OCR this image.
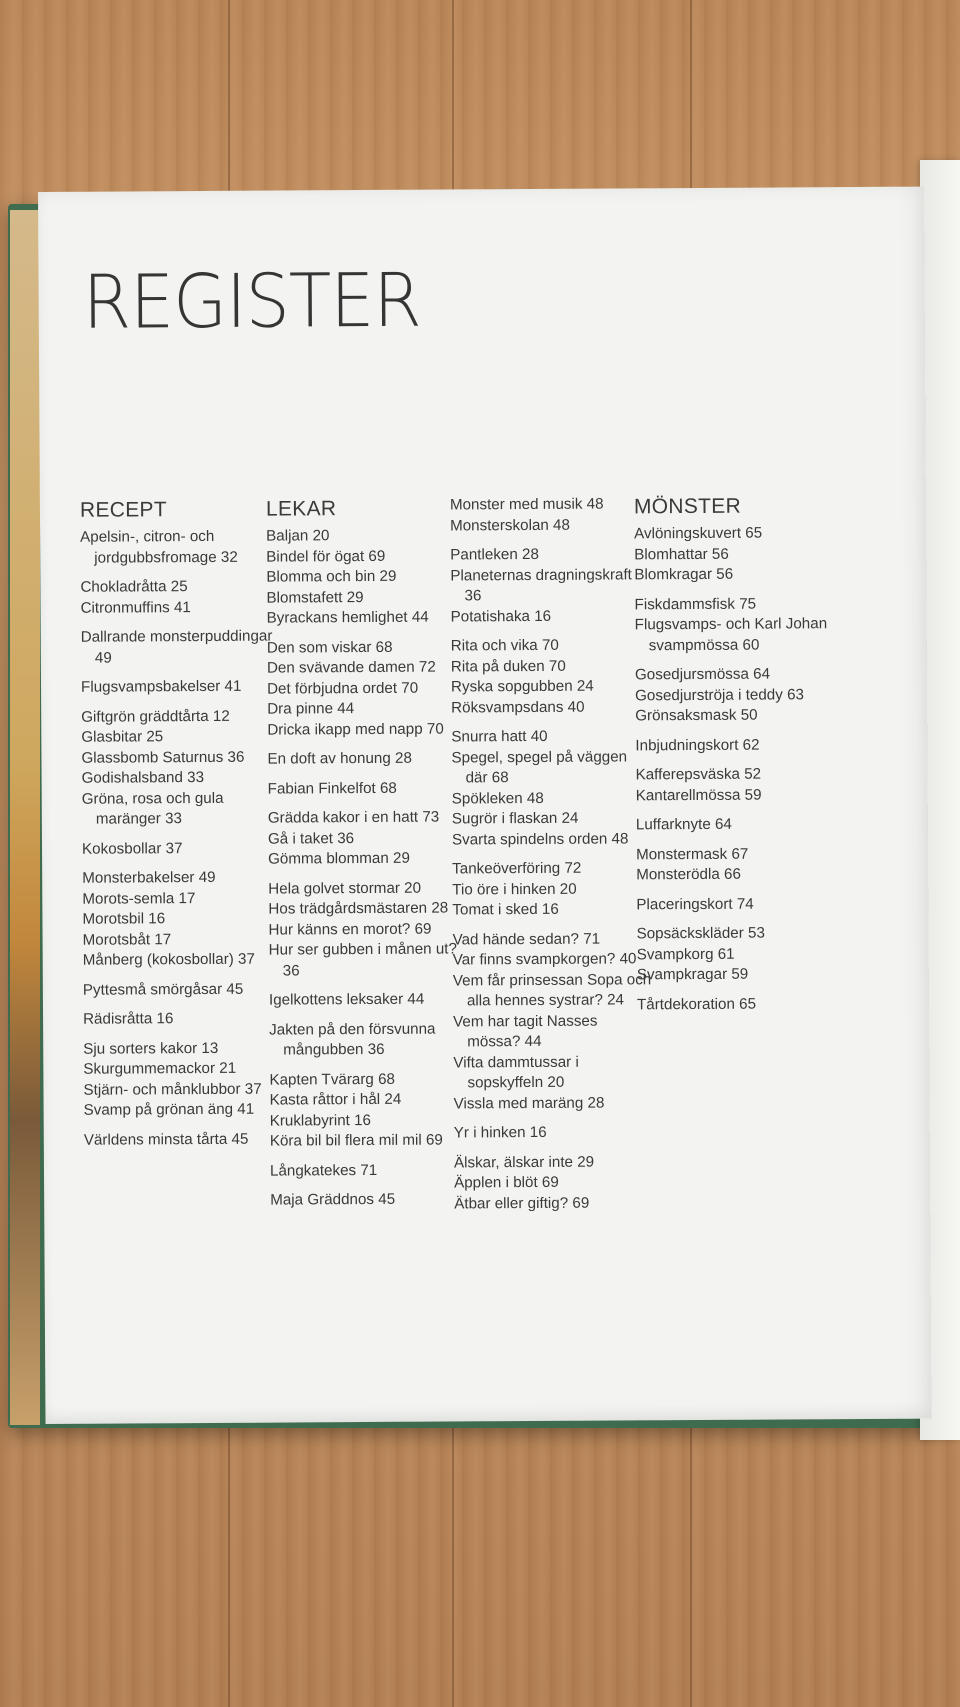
REGISTER
RECEPT
Apelsin-, citron- och jordgubbsfromage 32
Chokladråtta 25
Citronmuffins 41
Dallrande monsterpuddingar 49
Flugsvampsbakelser 41
Giftgrön gräddtårta 12
Glasbitar 25
Glassbomb Saturnus 36
Godishalsband 33
Gröna, rosa och gula maränger 33
Kokosbollar 37
Monsterbakelser 49
Morots-semla 17
Morotsbil 16
Morotsbåt 17
Månberg (kokosbollar) 37
Pyttesmå smörgåsar 45
Rädisråtta 16
Sju sorters kakor 13
Skurgummemackor 21
Stjärn- och månklubbor 37
Svamp på grönan äng 41
Världens minsta tårta 45
LEKAR
Baljan 20
Bindel för ögat 69
Blomma och bin 29
Blomstafett 29
Byrackans hemlighet 44
Den som viskar 68
Den svävande damen 72
Det förbjudna ordet 70
Dra pinne 44
Dricka ikapp med napp 70
En doft av honung 28
Fabian Finkelfot 68
Grädda kakor i en hatt 73
Gå i taket 36
Gömma blomman 29
Hela golvet stormar 20
Hos trädgårdsmästaren 28
Hur känns en morot? 69
Hur ser gubben i månen ut? 36
Igelkottens leksaker 44
Jakten på den försvunna mångubben 36
Kapten Tvärarg 68
Kasta råttor i hål 24
Kruklabyrint 16
Köra bil bil flera mil mil 69
Långkatekes 71
Maja Gräddnos 45
Monster med musik 48
Monsterskolan 48
Pantleken 28
Planeternas dragningskraft 36
Potatishaka 16
Rita och vika 70
Rita på duken 70
Ryska sopgubben 24
Röksvampsdans 40
Snurra hatt 40
Spegel, spegel på väggen där 68
Spökleken 48
Sugrör i flaskan 24
Svarta spindelns orden 48
Tankeöverföring 72
Tio öre i hinken 20
Tomat i sked 16
Vad hände sedan? 71
Var finns svampkorgen? 40
Vem får prinsessan Sopa och alla hennes systrar? 24
Vem har tagit Nasses mössa? 44
Vifta dammtussar i sopskyffeln 20
Vissla med maräng 28
Yr i hinken 16
Älskar, älskar inte 29
Äpplen i blöt 69
Ätbar eller giftig? 69
MÖNSTER
Avlöningskuvert 65
Blomhattar 56
Blomkragar 56
Fiskdammsfisk 75
Flugsvamps- och Karl Johan svampmössa 60
Gosedjursmössa 64
Gosedjurströja i teddy 63
Grönsaksmask 50
Inbjudningskort 62
Kafferepsväska 52
Kantarellmössa 59
Luffarknyte 64
Monstermask 67
Monsterödla 66
Placeringskort 74
Sopsäckskläder 53
Svampkorg 61
Svampkragar 59
Tårtdekoration 65
